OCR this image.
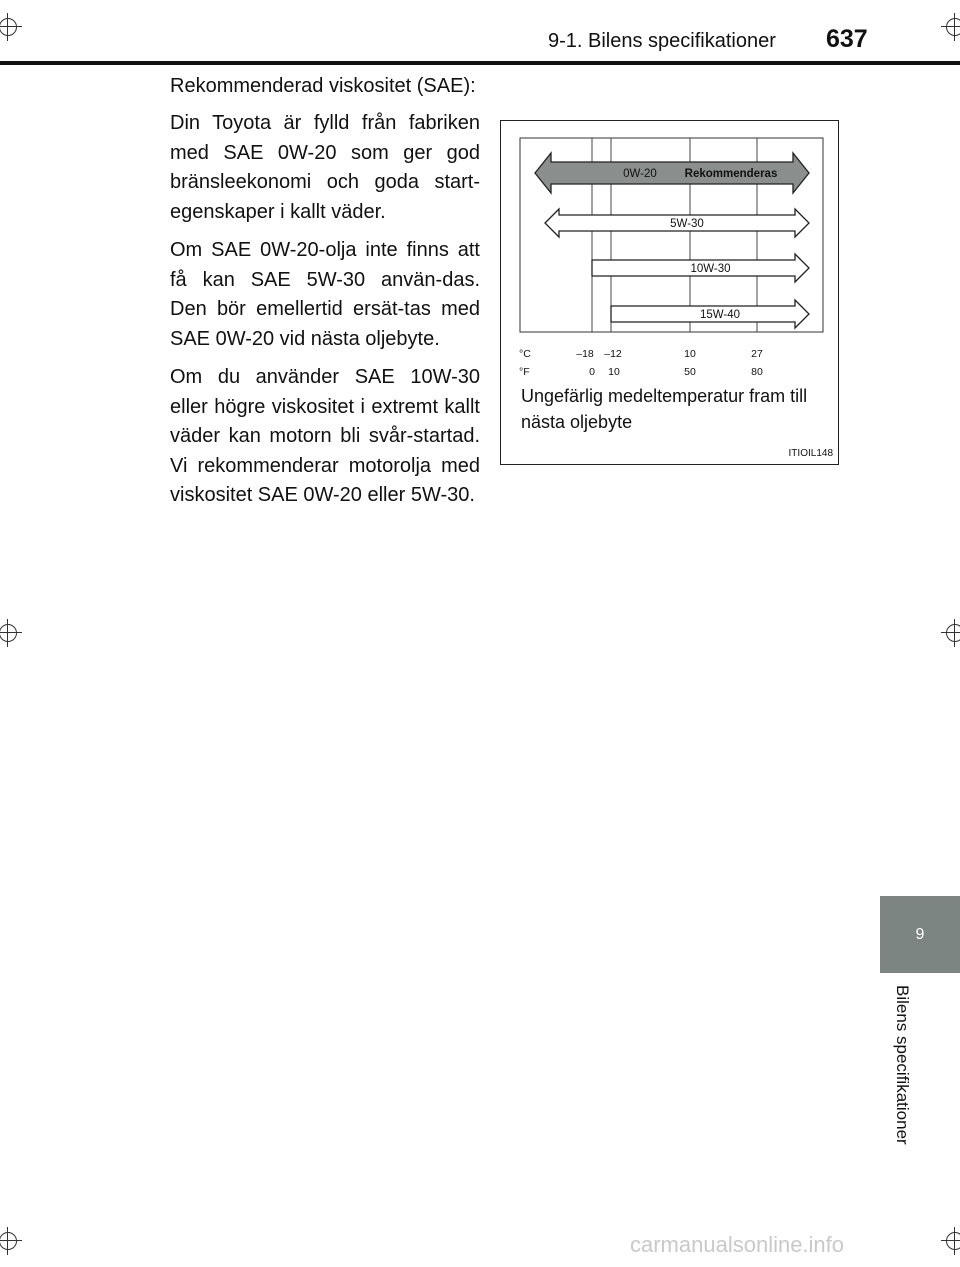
9-1. Bilens specifikationer 637
Rekommenderad viskositet (SAE):

Din Toyota är fylld från fabriken med SAE 0W-20 som ger god bränsleekonomi och goda start-egenskaper i kallt väder.

Om SAE 0W-20-olja inte finns att få kan SAE 5W-30 använ-das. Den bör emellertid ersät-tas med SAE 0W-20 vid nästa oljebyte.

Om du använder SAE 10W-30 eller högre viskositet i extremt kallt väder kan motorn bli svår-startad. Vi rekommenderar motorolja med viskositet SAE 0W-20 eller 5W-30.

0W-20 Rekommenderas
5W-30
10W-30
15W-40
°C
°F
–18 –12	10	27
0 10	50	80
Ungefärlig medeltemperatur fram till nästa oljebyte
ITIOIL148
9
Bilens specifikationer
carmanualsonline.info
